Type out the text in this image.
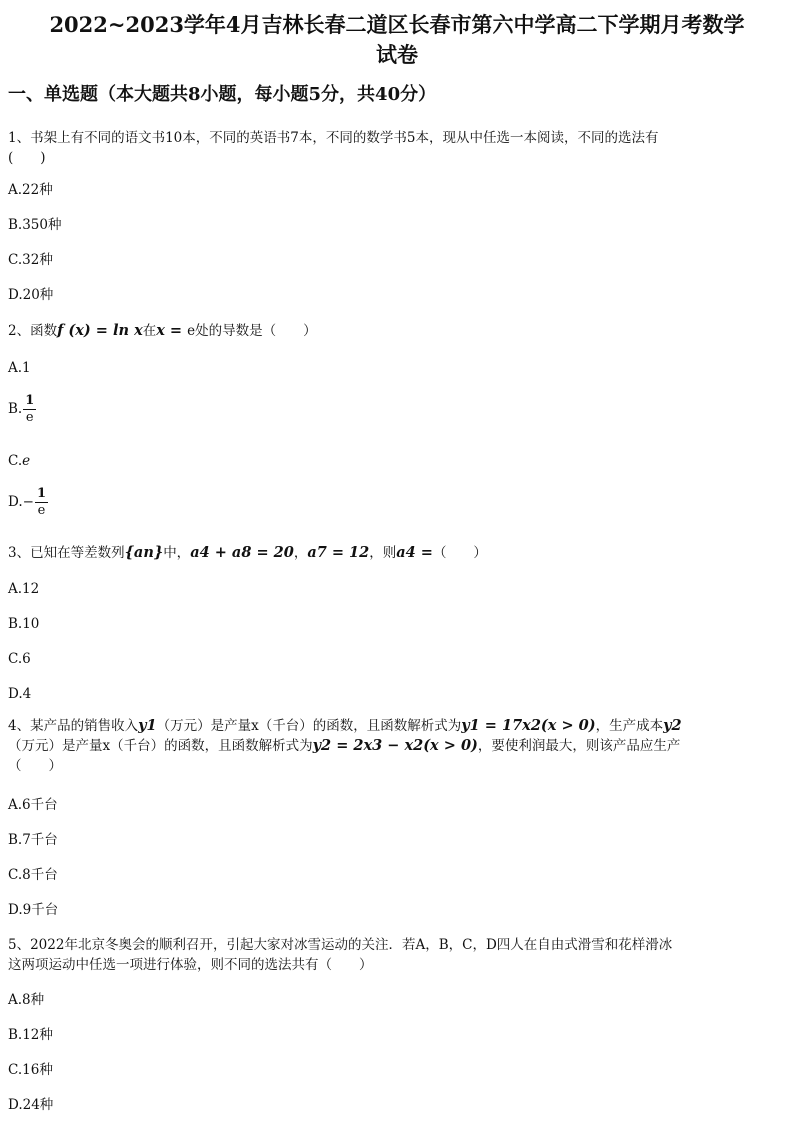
2022~2023学年4月吉林长春二道区长春市第六中学高二下学期月考数学
试卷
一、单选题（本大题共8小题，每小题5分，共40分）
1、书架上有不同的语文书10本，不同的英语书7本，不同的数学书5本，现从中任选一本阅读，不同的选法有
(　　)
A.22种
B.350种
C.32种
D.20种
2、函数f (x) = ln x在x = e处的导数是（　　）
A.1
B. $\frac{1}{e}$
C.e
$D.- \frac{1}{e}$
3、已知在等差数列{an}中，a4 + a8 = 20，a7 = 12，则a4 =（　　）
A.12
B.10
C.6
D.4
4、某产品的销售收入y1（万元）是产量x（千台）的函数，且函数解析式为y1 = 17x2(x > 0)，生产成本y2
（万元）是产量x（千台）的函数，且函数解析式为y2 = 2x3 − x2(x > 0)，要使利润最大，则该产品应生产
（　　）
A.6千台
B.7千台
C.8千台
D.9千台
5、2022年北京冬奥会的顺利召开，引起大家对冰雪运动的关注．若A，B，C，D四人在自由式滑雪和花样滑冰
这两项运动中任选一项进行体验，则不同的选法共有（　　）
A.8种
B.12种
C.16种
D.24种
